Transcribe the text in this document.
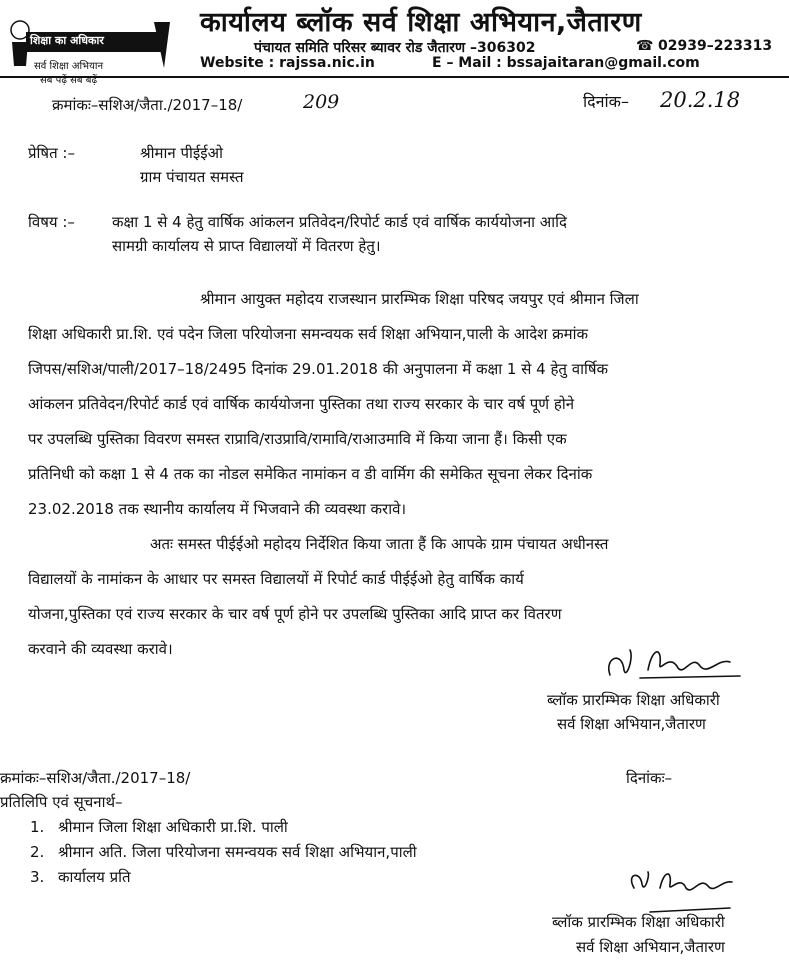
शिक्षा का अधिकार
सर्व शिक्षा अभियान
सब पढ़ें सब बढ़ें
कार्यालय ब्लॉक सर्व शिक्षा अभियान,जैतारण
पंचायत समिति परिसर ब्यावर रोड जैतारण –306302	☎ 02939–223313
Website : rajssa.nic.in	E – Mail : bssajaitaran@gmail.com
क्रमांकः–सशिअ/जैता./2017–18/	209	दिनांक– 20.2.18
प्रेषित :–	श्रीमान पीईईओ
ग्राम पंचायत समस्त
विषय :– कक्षा 1 से 4 हेतु वार्षिक आंकलन प्रतिवेदन/रिपोर्ट कार्ड एवं वार्षिक कार्ययोजना आदि
सामग्री कार्यालय से प्राप्त विद्यालयों में वितरण हेतु।
श्रीमान आयुक्त महोदय राजस्थान प्रारम्भिक शिक्षा परिषद जयपुर एवं श्रीमान जिला
शिक्षा अधिकारी प्रा.शि. एवं पदेन जिला परियोजना समन्वयक सर्व शिक्षा अभियान,पाली के आदेश क्रमांक
जिपस/सशिअ/पाली/2017–18/2495 दिनांक 29.01.2018 की अनुपालना में कक्षा 1 से 4 हेतु वार्षिक
आंकलन प्रतिवेदन/रिपोर्ट कार्ड एवं वार्षिक कार्ययोजना पुस्तिका तथा राज्य सरकार के चार वर्ष पूर्ण होने
पर उपलब्धि पुस्तिका विवरण समस्त राप्रावि/राउप्रावि/रामावि/राआउमावि में किया जाना हैं। किसी एक
प्रतिनिधी को कक्षा 1 से 4 तक का नोडल समेकित नामांकन व डी वार्मिग की समेकित सूचना लेकर दिनांक
23.02.2018 तक स्थानीय कार्यालय में भिजवाने की व्यवस्था करावे।
अतः समस्त पीईईओ महोदय निर्देशित किया जाता हैं कि आपके ग्राम पंचायत अधीनस्त
विद्यालयों के नामांकन के आधार पर समस्त विद्यालयों में रिपोर्ट कार्ड पीईईओ हेतु वार्षिक कार्य
योजना,पुस्तिका एवं राज्य सरकार के चार वर्ष पूर्ण होने पर उपलब्धि पुस्तिका आदि प्राप्त कर वितरण
करवाने की व्यवस्था करावे।
ब्लॉक प्रारम्भिक शिक्षा अधिकारी
सर्व शिक्षा अभियान,जैतारण
क्रमांकः–सशिअ/जैता./2017–18/	दिनांकः–
प्रतिलिपि एवं सूचनार्थ–
1. श्रीमान जिला शिक्षा अधिकारी प्रा.शि. पाली
2. श्रीमान अति. जिला परियोजना समन्वयक सर्व शिक्षा अभियान,पाली
3. कार्यालय प्रति
ब्लॉक प्रारम्भिक शिक्षा अधिकारी
सर्व शिक्षा अभियान,जैतारण
